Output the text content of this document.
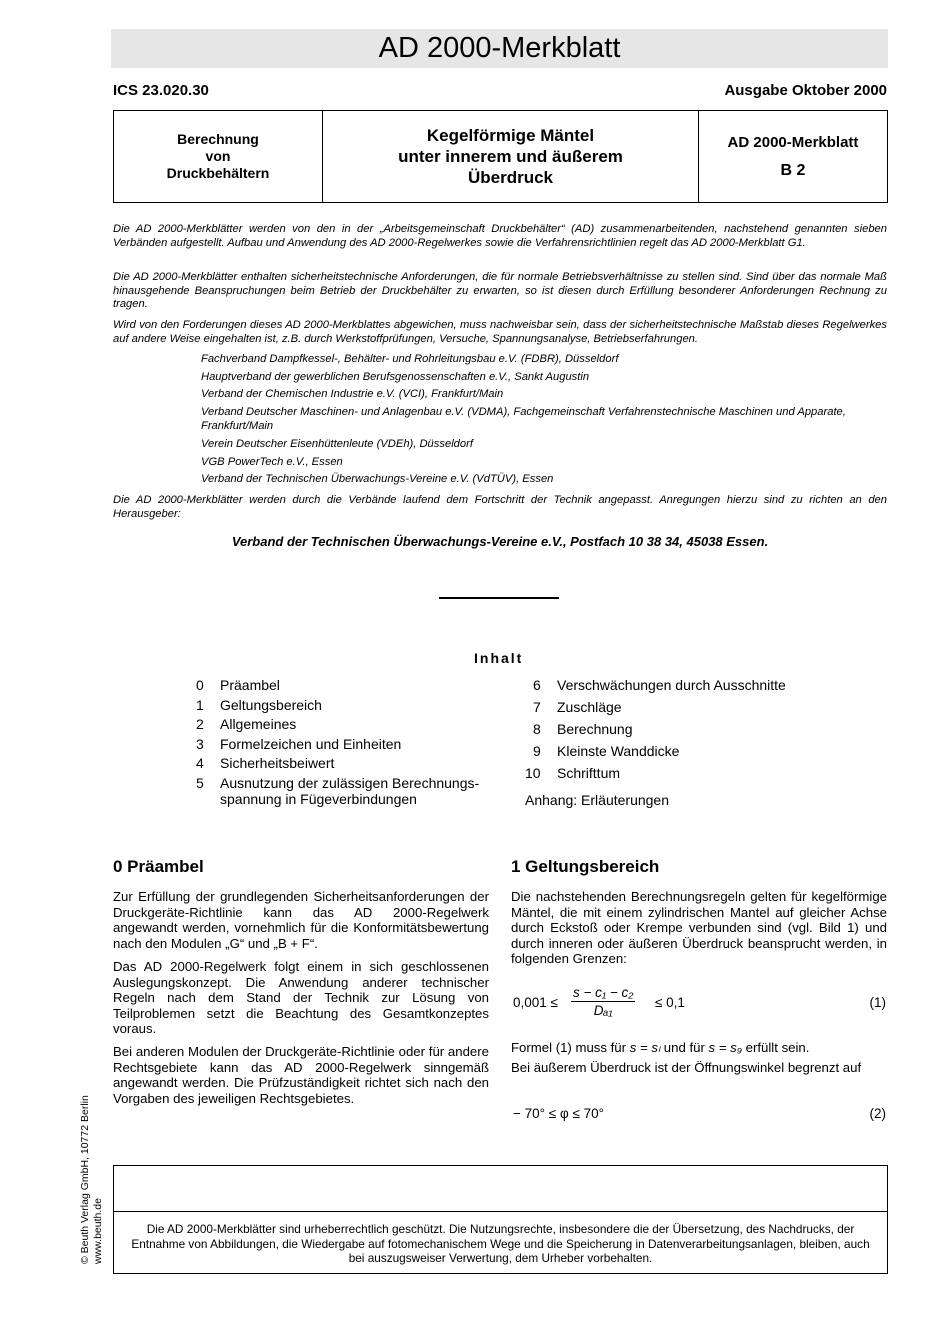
AD 2000-Merkblatt
ICS 23.020.30	Ausgabe Oktober 2000
Berechnung
von
Druckbehältern
Kegelförmige Mäntel
unter innerem und äußerem
Überdruck
AD 2000-Merkblatt
B 2
Die AD 2000-Merkblätter werden von den in der „Arbeitsgemeinschaft Druckbehälter“ (AD) zusammenarbeitenden, nachstehend genannten sieben Verbänden aufgestellt. Aufbau und Anwendung des AD 2000-Regelwerkes sowie die Verfahrensrichtlinien regelt das AD 2000-Merkblatt G1.
Die AD 2000-Merkblätter enthalten sicherheitstechnische Anforderungen, die für normale Betriebsverhältnisse zu stellen sind. Sind über das normale Maß hinausgehende Beanspruchungen beim Betrieb der Druckbehälter zu erwarten, so ist diesen durch Erfüllung besonderer Anforderungen Rechnung zu tragen.
Wird von den Forderungen dieses AD 2000-Merkblattes abgewichen, muss nachweisbar sein, dass der sicherheitstechnische Maßstab dieses Regelwerkes auf andere Weise eingehalten ist, z.B. durch Werkstoffprüfungen, Versuche, Spannungsanalyse, Betriebserfahrungen.
Fachverband Dampfkessel-, Behälter- und Rohrleitungsbau e.V. (FDBR), Düsseldorf
Hauptverband der gewerblichen Berufsgenossenschaften e.V., Sankt Augustin
Verband der Chemischen Industrie e.V. (VCI), Frankfurt/Main
Verband Deutscher Maschinen- und Anlagenbau e.V. (VDMA), Fachgemeinschaft Verfahrenstechnische Maschinen und Apparate, Frankfurt/Main
Verein Deutscher Eisenhüttenleute (VDEh), Düsseldorf
VGB PowerTech e.V., Essen
Verband der Technischen Überwachungs-Vereine e.V. (VdTÜV), Essen
Die AD 2000-Merkblätter werden durch die Verbände laufend dem Fortschritt der Technik angepasst. Anregungen hierzu sind zu richten an den Herausgeber:
Verband der Technischen Überwachungs-Vereine e.V., Postfach 10 38 34, 45038 Essen.
Inhalt
0 Präambel
1 Geltungsbereich
2 Allgemeines
3 Formelzeichen und Einheiten
4 Sicherheitsbeiwert
5 Ausnutzung der zulässigen Berechnungs-
spannung in Fügeverbindungen
6 Verschwächungen durch Ausschnitte
7 Zuschläge
8 Berechnung
9 Kleinste Wanddicke
10 Schrifttum
Anhang: Erläuterungen
0 Präambel
Zur Erfüllung der grundlegenden Sicherheitsanforderungen der Druckgeräte-Richtlinie kann das AD 2000-Regelwerk angewandt werden, vornehmlich für die Konformitätsbewertung nach den Modulen „G“ und „B + F“.
Das AD 2000-Regelwerk folgt einem in sich geschlossenen Auslegungskonzept. Die Anwendung anderer technischer Regeln nach dem Stand der Technik zur Lösung von Teilproblemen setzt die Beachtung des Gesamtkonzeptes voraus.
Bei anderen Modulen der Druckgeräte-Richtlinie oder für andere Rechtsgebiete kann das AD 2000-Regelwerk sinngemäß angewandt werden. Die Prüfzuständigkeit richtet sich nach den Vorgaben des jeweiligen Rechtsgebietes.
1 Geltungsbereich
Die nachstehenden Berechnungsregeln gelten für kegelförmige Mäntel, die mit einem zylindrischen Mantel auf gleicher Achse durch Eckstoß oder Krempe verbunden sind (vgl. Bild 1) und durch inneren oder äußeren Überdruck beansprucht werden, in folgenden Grenzen:
$0,001 \le \frac{\text{s − c₁ − c₂}}{\text{Dₐ₁}} \le 0,1$	(1)
Formel (1) muss für s = sₗ und für s = s₉ erfüllt sein.
Bei äußerem Überdruck ist der Öffnungswinkel begrenzt auf
− 70° ≤ φ ≤ 70°	(2)
Die AD 2000-Merkblätter sind urheberrechtlich geschützt. Die Nutzungsrechte, insbesondere die der Übersetzung, des Nachdrucks, der Entnahme von Abbildungen, die Wiedergabe auf fotomechanischem Wege und die Speicherung in Datenverarbeitungsanlagen, bleiben, auch bei auszugsweiser Verwertung, dem Urheber vorbehalten.
© Beuth Verlag GmbH, 10772 Berlin www.beuth.de
